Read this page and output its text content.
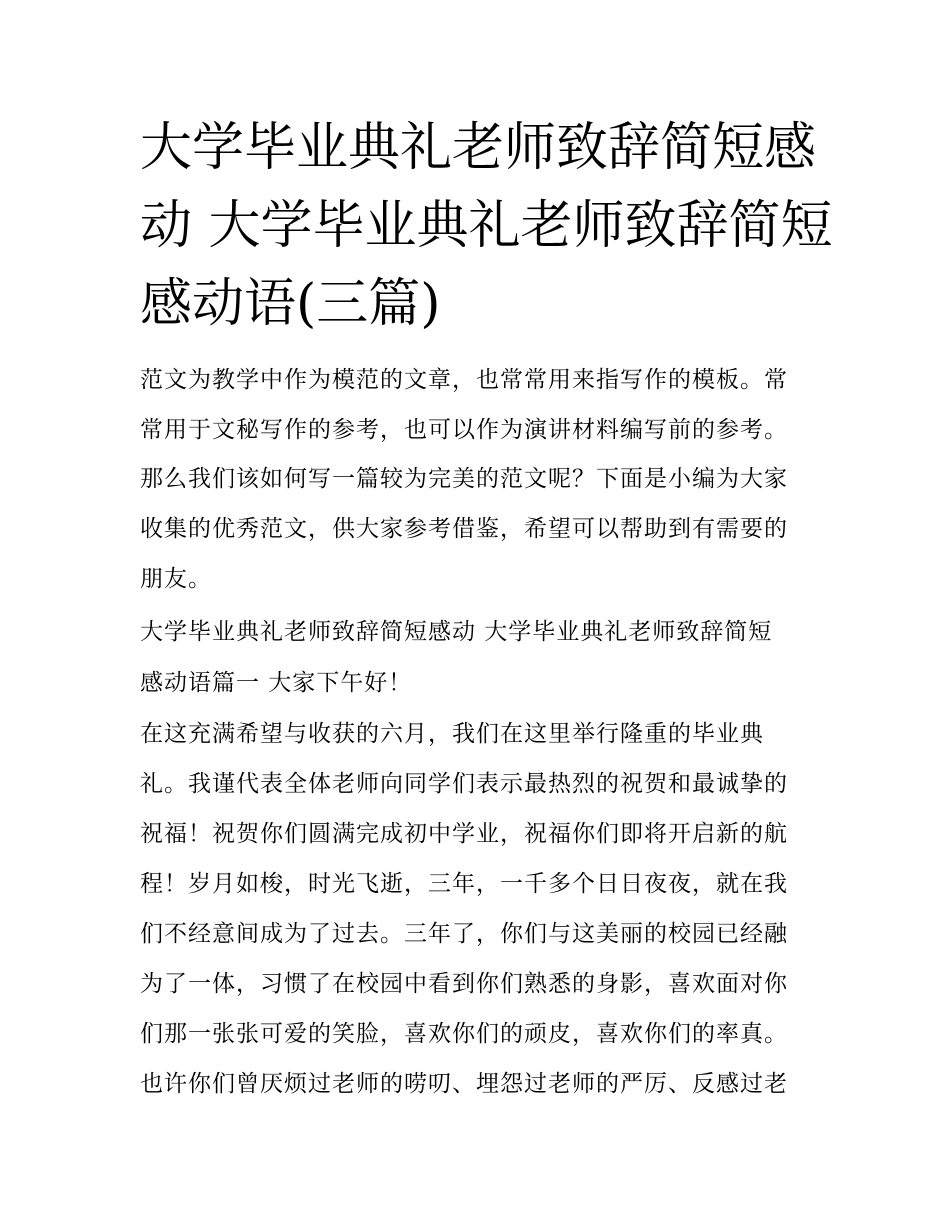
大学毕业典礼老师致辞简短感
动 大学毕业典礼老师致辞简短
感动语(三篇)
范文为教学中作为模范的文章，也常常用来指写作的模板。常
常用于文秘写作的参考，也可以作为演讲材料编写前的参考。
那么我们该如何写一篇较为完美的范文呢？下面是小编为大家
收集的优秀范文，供大家参考借鉴，希望可以帮助到有需要的
朋友。
大学毕业典礼老师致辞简短感动 大学毕业典礼老师致辞简短
感动语篇一 大家下午好！
在这充满希望与收获的六月，我们在这里举行隆重的毕业典
礼。我谨代表全体老师向同学们表示最热烈的祝贺和最诚挚的
祝福！祝贺你们圆满完成初中学业，祝福你们即将开启新的航
程！岁月如梭，时光飞逝，三年，一千多个日日夜夜，就在我
们不经意间成为了过去。三年了，你们与这美丽的校园已经融
为了一体，习惯了在校园中看到你们熟悉的身影，喜欢面对你
们那一张张可爱的笑脸，喜欢你们的顽皮，喜欢你们的率真。
也许你们曾厌烦过老师的唠叨、埋怨过老师的严厉、反感过老
